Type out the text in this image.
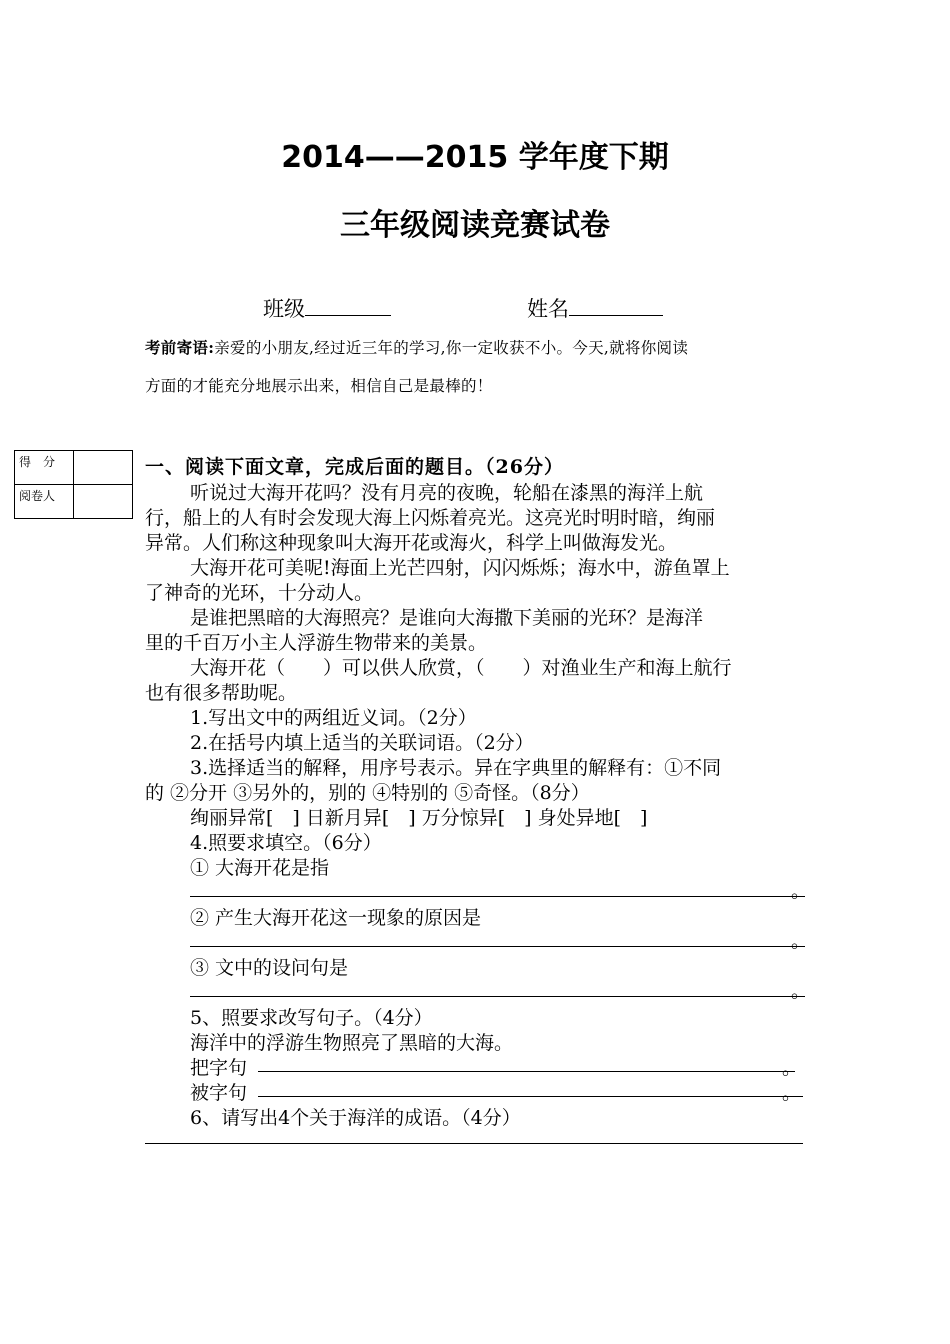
2014——2015 学年度下期
三年级阅读竞赛试卷
班级	姓名
考前寄语:亲爱的小朋友,经过近三年的学习,你一定收获不小。今天,就将你阅读
方面的才能充分地展示出来，相信自己是最棒的！
得　分	
阅卷人	
一、阅读下面文章，完成后面的题目。（26分）
听说过大海开花吗？没有月亮的夜晚，轮船在漆黑的海洋上航
行，船上的人有时会发现大海上闪烁着亮光。这亮光时明时暗，绚丽
异常。人们称这种现象叫大海开花或海火，科学上叫做海发光。
大海开花可美呢!海面上光芒四射，闪闪烁烁；海水中，游鱼罩上
了神奇的光环，十分动人。
是谁把黑暗的大海照亮？是谁向大海撒下美丽的光环？是海洋
里的千百万小主人浮游生物带来的美景。
大海开花（　　）可以供人欣赏，（　　）对渔业生产和海上航行
也有很多帮助呢。
1.写出文中的两组近义词。（2分）
2.在括号内填上适当的关联词语。（2分）
3.选择适当的解释，用序号表示。异在字典里的解释有：①不同
的 ②分开 ③另外的，别的 ④特别的 ⑤奇怪。（8分）
绚丽异常[　] 日新月异[　] 万分惊异[　] 身处异地[　]
4.照要求填空。（6分）
① 大海开花是指
。
② 产生大海开花这一现象的原因是
。
③ 文中的设问句是
。
5、照要求改写句子。（4分）
海洋中的浮游生物照亮了黑暗的大海。
把字句	。
被字句	。
6、请写出4个关于海洋的成语。（4分）
